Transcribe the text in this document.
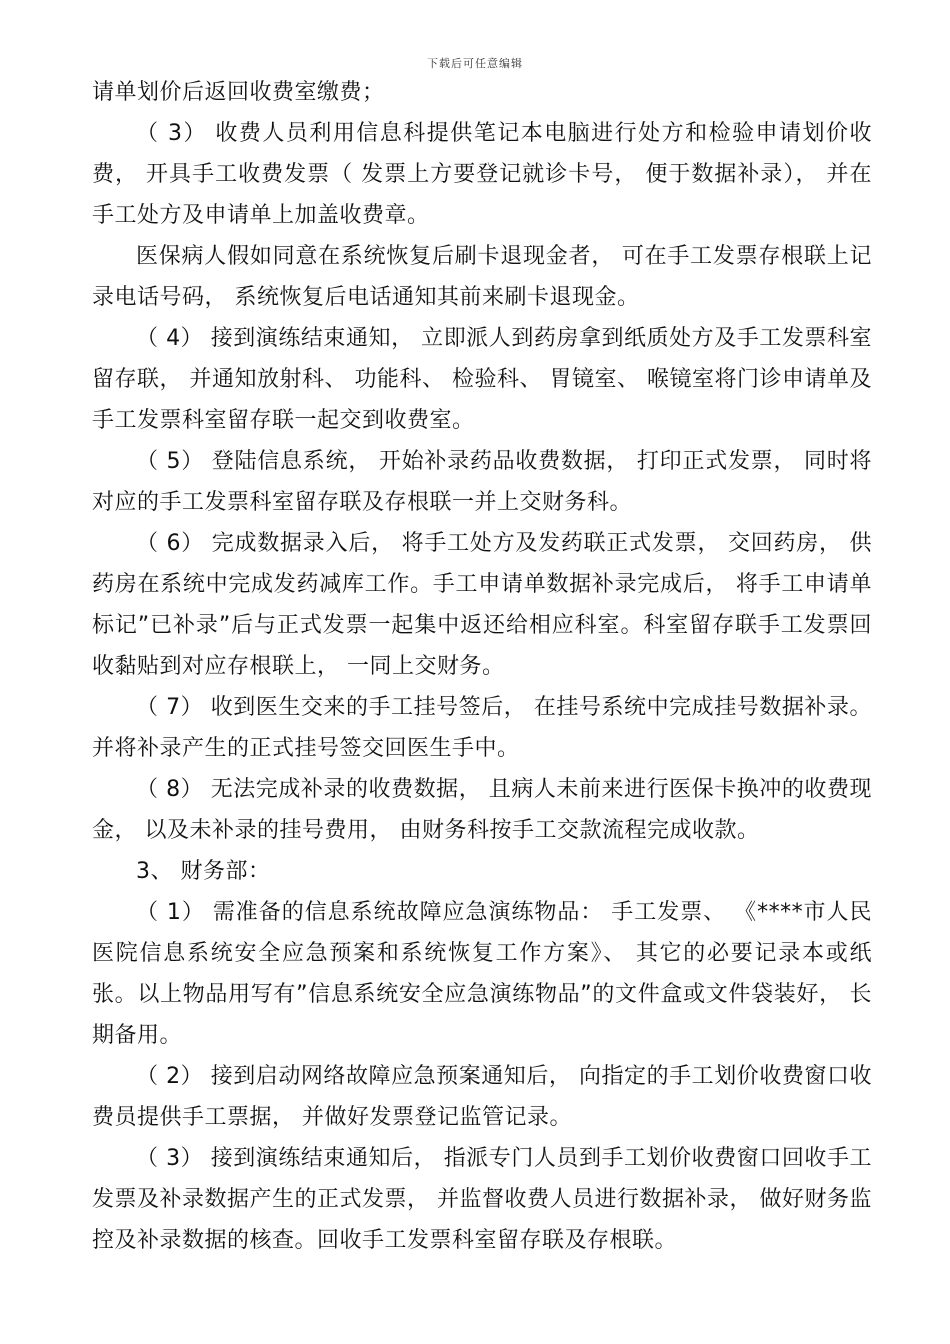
下载后可任意编辑

请单划价后返回收费室缴费；

（ 3） 收费人员利用信息科提供笔记本电脑进行处方和检验申请划价收费， 开具手工收费发票（ 发票上方要登记就诊卡号， 便于数据补录）， 并在手工处方及申请单上加盖收费章。

医保病人假如同意在系统恢复后刷卡退现金者， 可在手工发票存根联上记录电话号码， 系统恢复后电话通知其前来刷卡退现金。

（ 4） 接到演练结束通知， 立即派人到药房拿到纸质处方及手工发票科室留存联， 并通知放射科、 功能科、 检验科、 胃镜室、 喉镜室将门诊申请单及手工发票科室留存联一起交到收费室。

（ 5） 登陆信息系统， 开始补录药品收费数据， 打印正式发票， 同时将对应的手工发票科室留存联及存根联一并上交财务科。

（ 6） 完成数据录入后， 将手工处方及发药联正式发票， 交回药房， 供药房在系统中完成发药减库工作。手工申请单数据补录完成后， 将手工申请单标记”已补录”后与正式发票一起集中返还给相应科室。科室留存联手工发票回收黏贴到对应存根联上， 一同上交财务。

（ 7） 收到医生交来的手工挂号签后， 在挂号系统中完成挂号数据补录。并将补录产生的正式挂号签交回医生手中。

（ 8） 无法完成补录的收费数据， 且病人未前来进行医保卡换冲的收费现金， 以及未补录的挂号费用， 由财务科按手工交款流程完成收款。

3、 财务部：

（ 1） 需准备的信息系统故障应急演练物品： 手工发票、 《****市人民医院信息系统安全应急预案和系统恢复工作方案》、 其它的必要记录本或纸张。以上物品用写有”信息系统安全应急演练物品”的文件盒或文件袋装好， 长期备用。

（ 2） 接到启动网络故障应急预案通知后， 向指定的手工划价收费窗口收费员提供手工票据， 并做好发票登记监管记录。

（ 3） 接到演练结束通知后， 指派专门人员到手工划价收费窗口回收手工发票及补录数据产生的正式发票， 并监督收费人员进行数据补录， 做好财务监控及补录数据的核查。回收手工发票科室留存联及存根联。
